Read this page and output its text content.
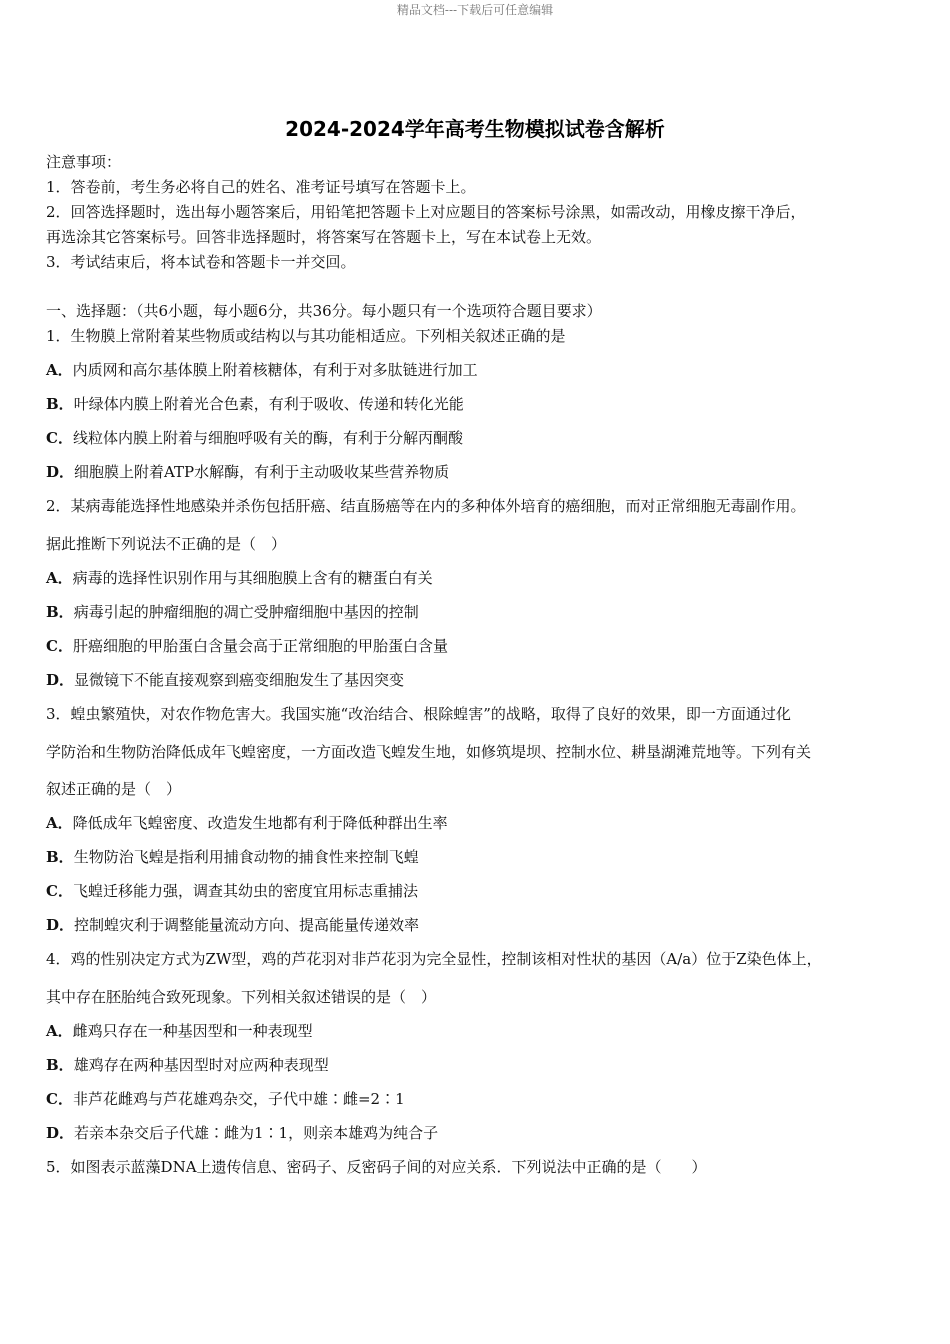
精品文档---下载后可任意编辑
2024-2024学年高考生物模拟试卷含解析
注意事项：
1．答卷前，考生务必将自己的姓名、准考证号填写在答题卡上。
2．回答选择题时，选出每小题答案后，用铅笔把答题卡上对应题目的答案标号涂黑，如需改动，用橡皮擦干净后，
再选涂其它答案标号。回答非选择题时，将答案写在答题卡上，写在本试卷上无效。
3．考试结束后，将本试卷和答题卡一并交回。
一、选择题：（共6小题，每小题6分，共36分。每小题只有一个选项符合题目要求）
1．生物膜上常附着某些物质或结构以与其功能相适应。下列相关叙述正确的是
A．内质网和高尔基体膜上附着核糖体，有利于对多肽链进行加工
B．叶绿体内膜上附着光合色素，有利于吸收、传递和转化光能
C．线粒体内膜上附着与细胞呼吸有关的酶，有利于分解丙酮酸
D．细胞膜上附着ATP水解酶，有利于主动吸收某些营养物质
2．某病毒能选择性地感染并杀伤包括肝癌、结直肠癌等在内的多种体外培育的癌细胞，而对正常细胞无毒副作用。
据此推断下列说法不正确的是（　）
A．病毒的选择性识别作用与其细胞膜上含有的糖蛋白有关
B．病毒引起的肿瘤细胞的凋亡受肿瘤细胞中基因的控制
C．肝癌细胞的甲胎蛋白含量会高于正常细胞的甲胎蛋白含量
D．显微镜下不能直接观察到癌变细胞发生了基因突变
3．蝗虫繁殖快，对农作物危害大。我国实施“改治结合、根除蝗害”的战略，取得了良好的效果，即一方面通过化
学防治和生物防治降低成年飞蝗密度，一方面改造飞蝗发生地，如修筑堤坝、控制水位、耕垦湖滩荒地等。下列有关
叙述正确的是（　）
A．降低成年飞蝗密度、改造发生地都有利于降低种群出生率
B．生物防治飞蝗是指利用捕食动物的捕食性来控制飞蝗
C．飞蝗迁移能力强，调查其幼虫的密度宜用标志重捕法
D．控制蝗灾利于调整能量流动方向、提高能量传递效率
4．鸡的性别决定方式为ZW型，鸡的芦花羽对非芦花羽为完全显性，控制该相对性状的基因（A/a）位于Z染色体上，
其中存在胚胎纯合致死现象。下列相关叙述错误的是（　）
A．雌鸡只存在一种基因型和一种表现型
B．雄鸡存在两种基因型时对应两种表现型
C．非芦花雌鸡与芦花雄鸡杂交，子代中雄∶雌=2∶1
D．若亲本杂交后子代雄∶雌为1∶1，则亲本雄鸡为纯合子
5．如图表示蓝藻DNA上遗传信息、密码子、反密码子间的对应关系．下列说法中正确的是（　　）
